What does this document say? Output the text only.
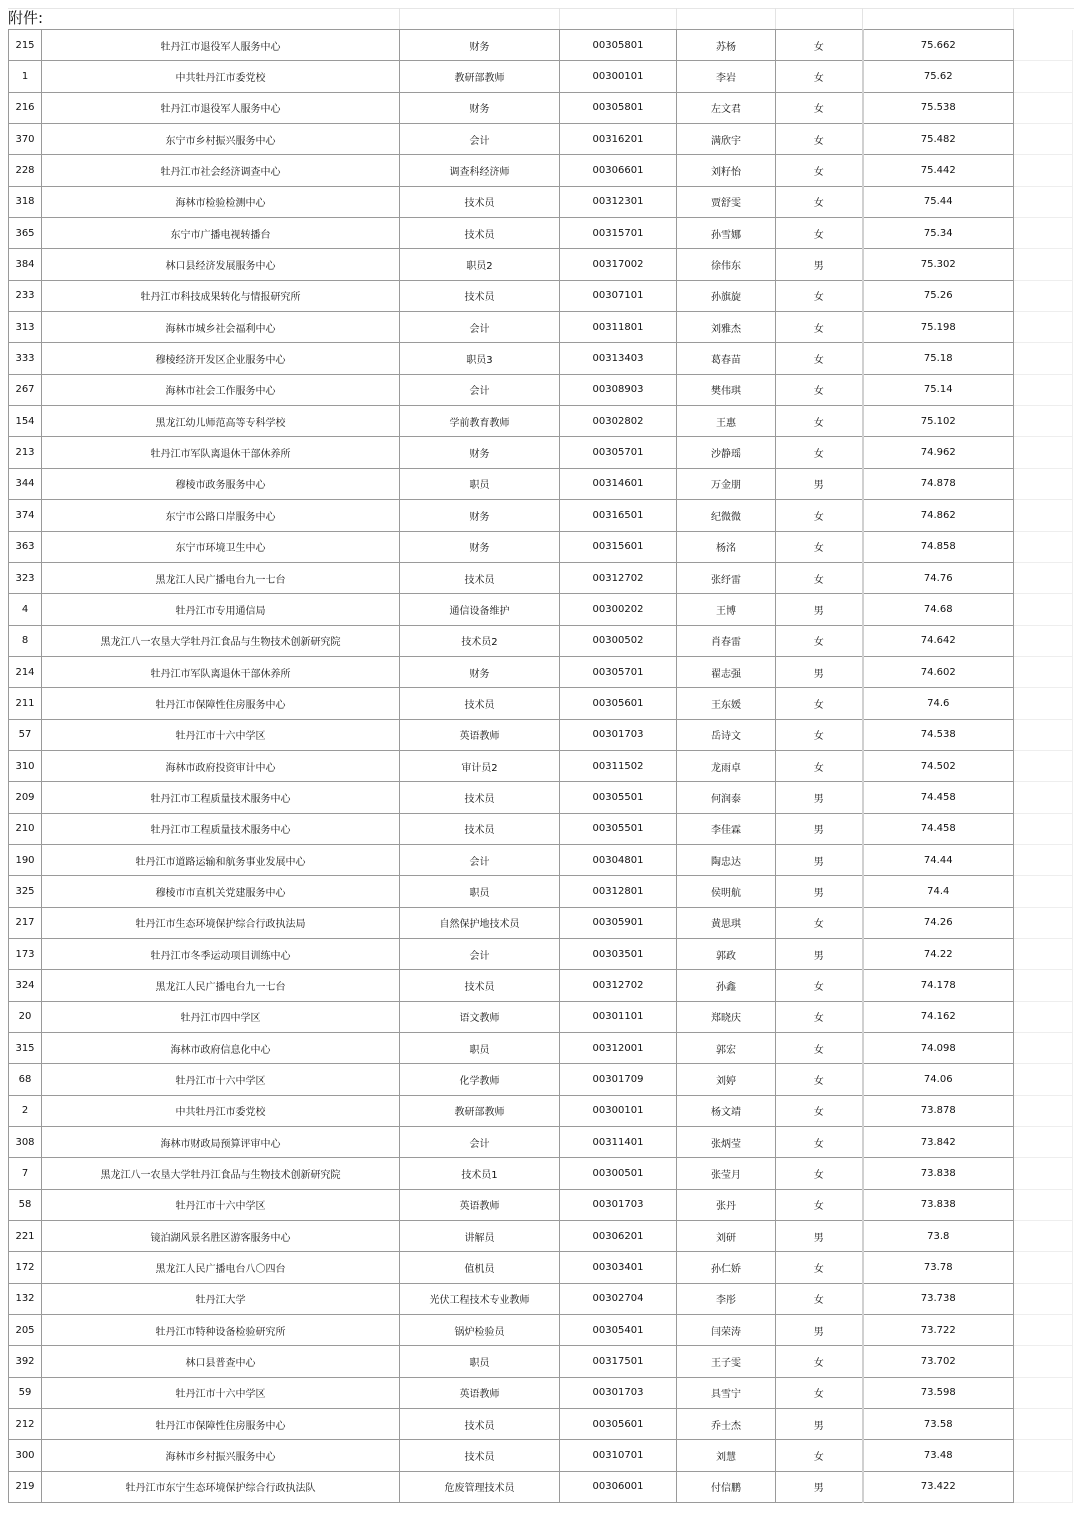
附件:
215	牡丹江市退役军人服务中心	财务	00305801	苏杨	女	75.662	
1	中共牡丹江市委党校	教研部教师	00300101	李岩	女	75.62	
216	牡丹江市退役军人服务中心	财务	00305801	左文君	女	75.538	
370	东宁市乡村振兴服务中心	会计	00316201	满欣宇	女	75.482	
228	牡丹江市社会经济调查中心	调查科经济师	00306601	刘籽怡	女	75.442	
318	海林市检验检测中心	技术员	00312301	贾舒雯	女	75.44	
365	东宁市广播电视转播台	技术员	00315701	孙雪娜	女	75.34	
384	林口县经济发展服务中心	职员2	00317002	徐伟东	男	75.302	
233	牡丹江市科技成果转化与情报研究所	技术员	00307101	孙旗旋	女	75.26	
313	海林市城乡社会福利中心	会计	00311801	刘雅杰	女	75.198	
333	穆棱经济开发区企业服务中心	职员3	00313403	葛春苗	女	75.18	
267	海林市社会工作服务中心	会计	00308903	樊伟琪	女	75.14	
154	黑龙江幼儿师范高等专科学校	学前教育教师	00302802	王惠	女	75.102	
213	牡丹江市军队离退休干部休养所	财务	00305701	沙静瑶	女	74.962	
344	穆棱市政务服务中心	职员	00314601	万金朋	男	74.878	
374	东宁市公路口岸服务中心	财务	00316501	纪微微	女	74.862	
363	东宁市环境卫生中心	财务	00315601	杨洺	女	74.858	
323	黑龙江人民广播电台九一七台	技术员	00312702	张纾雷	女	74.76	
4	牡丹江市专用通信局	通信设备维护	00300202	王博	男	74.68	
8	黑龙江八一农垦大学牡丹江食品与生物技术创新研究院	技术员2	00300502	肖春雷	女	74.642	
214	牡丹江市军队离退休干部休养所	财务	00305701	翟志强	男	74.602	
211	牡丹江市保障性住房服务中心	技术员	00305601	王东媛	女	74.6	
57	牡丹江市十六中学区	英语教师	00301703	岳诗文	女	74.538	
310	海林市政府投资审计中心	审计员2	00311502	龙雨卓	女	74.502	
209	牡丹江市工程质量技术服务中心	技术员	00305501	何润泰	男	74.458	
210	牡丹江市工程质量技术服务中心	技术员	00305501	李佳霖	男	74.458	
190	牡丹江市道路运输和航务事业发展中心	会计	00304801	陶忠达	男	74.44	
325	穆棱市市直机关党建服务中心	职员	00312801	侯明航	男	74.4	
217	牡丹江市生态环境保护综合行政执法局	自然保护地技术员	00305901	黄思琪	女	74.26	
173	牡丹江市冬季运动项目训练中心	会计	00303501	郭政	男	74.22	
324	黑龙江人民广播电台九一七台	技术员	00312702	孙鑫	女	74.178	
20	牡丹江市四中学区	语文教师	00301101	郑晓庆	女	74.162	
315	海林市政府信息化中心	职员	00312001	郭宏	女	74.098	
68	牡丹江市十六中学区	化学教师	00301709	刘婷	女	74.06	
2	中共牡丹江市委党校	教研部教师	00300101	杨文靖	女	73.878	
308	海林市财政局预算评审中心	会计	00311401	张炳莹	女	73.842	
7	黑龙江八一农垦大学牡丹江食品与生物技术创新研究院	技术员1	00300501	张莹月	女	73.838	
58	牡丹江市十六中学区	英语教师	00301703	张丹	女	73.838	
221	镜泊湖风景名胜区游客服务中心	讲解员	00306201	刘研	男	73.8	
172	黑龙江人民广播电台八〇四台	值机员	00303401	孙仁娇	女	73.78	
132	牡丹江大学	光伏工程技术专业教师	00302704	李彤	女	73.738	
205	牡丹江市特种设备检验研究所	锅炉检验员	00305401	闫荣涛	男	73.722	
392	林口县普查中心	职员	00317501	王子雯	女	73.702	
59	牡丹江市十六中学区	英语教师	00301703	具雪宁	女	73.598	
212	牡丹江市保障性住房服务中心	技术员	00305601	乔士杰	男	73.58	
300	海林市乡村振兴服务中心	技术员	00310701	刘慧	女	73.48	
219	牡丹江市东宁生态环境保护综合行政执法队	危废管理技术员	00306001	付信鹏	男	73.422	
